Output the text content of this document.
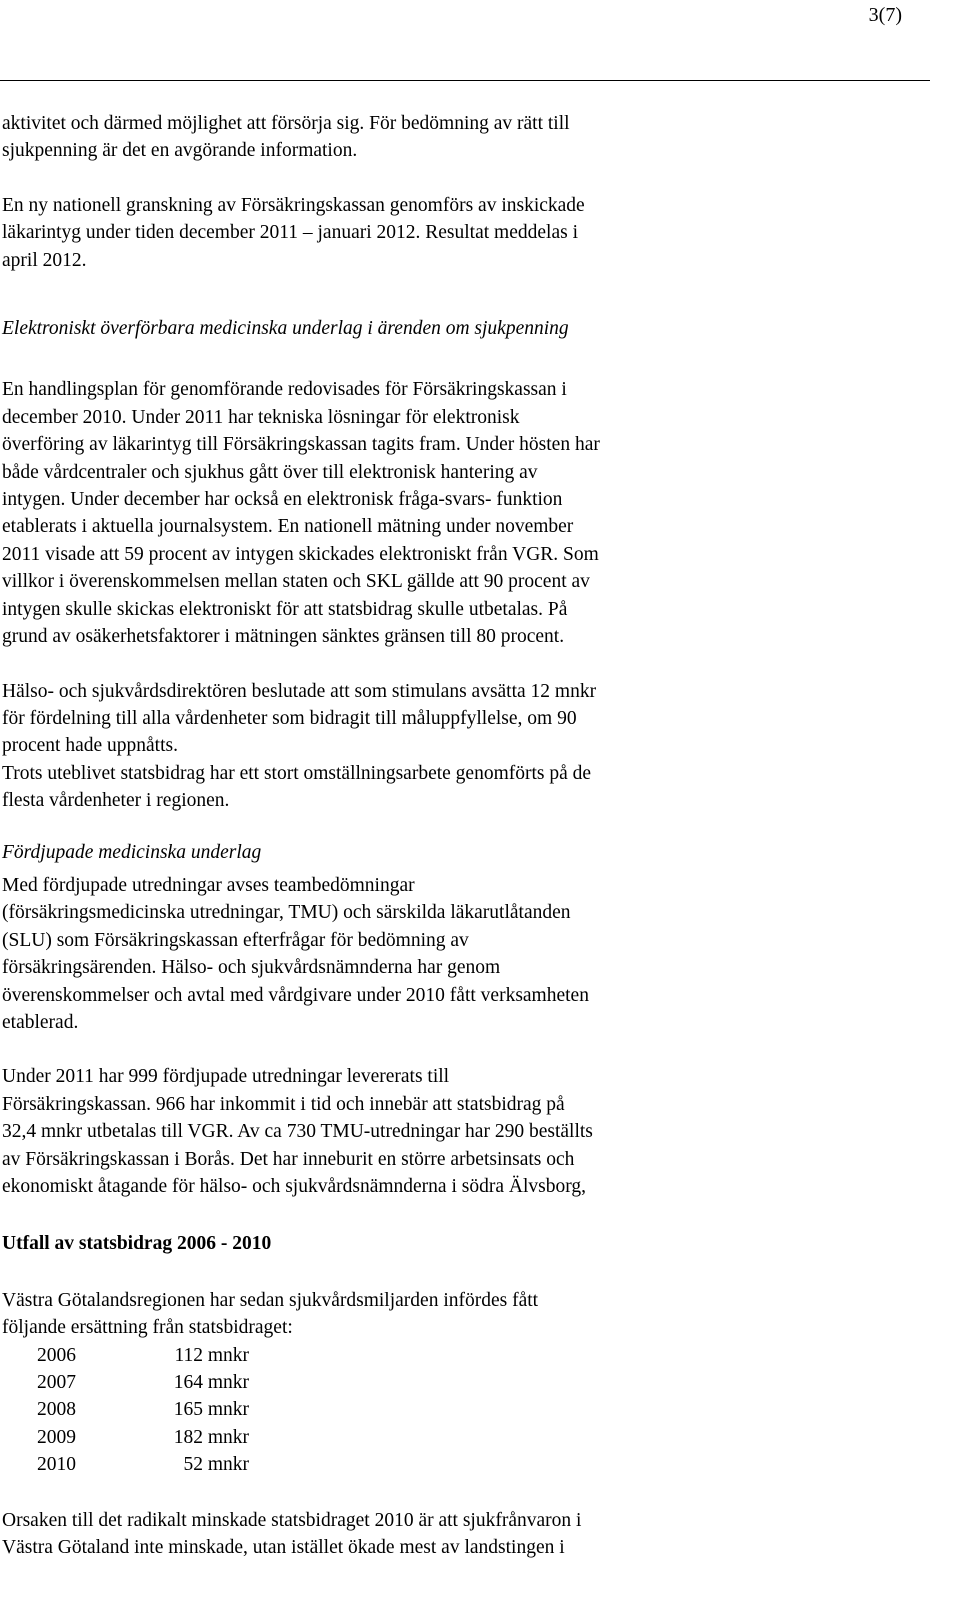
3(7)

aktivitet och därmed möjlighet att försörja sig. För bedömning av rätt till
sjukpenning är det en avgörande information.

En ny nationell granskning av Försäkringskassan genomförs av inskickade
läkarintyg under tiden december 2011 – januari 2012. Resultat meddelas i
april 2012.

Elektroniskt överförbara medicinska underlag i ärenden om sjukpenning

En handlingsplan för genomförande redovisades för Försäkringskassan i
december 2010. Under 2011 har tekniska lösningar för elektronisk
överföring av läkarintyg till Försäkringskassan tagits fram. Under hösten har
både vårdcentraler och sjukhus gått över till elektronisk hantering av
intygen. Under december har också en elektronisk fråga-svars- funktion
etablerats i aktuella journalsystem. En nationell mätning under november
2011 visade att 59 procent av intygen skickades elektroniskt från VGR. Som
villkor i överenskommelsen mellan staten och SKL gällde att 90 procent av
intygen skulle skickas elektroniskt för att statsbidrag skulle utbetalas. På
grund av osäkerhetsfaktorer i mätningen sänktes gränsen till 80 procent.

Hälso- och sjukvårdsdirektören beslutade att som stimulans avsätta 12 mnkr
för fördelning till alla vårdenheter som bidragit till måluppfyllelse, om 90
procent hade uppnåtts.
Trots uteblivet statsbidrag har ett stort omställningsarbete genomförts på de
flesta vårdenheter i regionen.

Fördjupade medicinska underlag

Med fördjupade utredningar avses teambedömningar
(försäkringsmedicinska utredningar, TMU) och särskilda läkarutlåtanden
(SLU) som Försäkringskassan efterfrågar för bedömning av
försäkringsärenden. Hälso- och sjukvårdsnämnderna har genom
överenskommelser och avtal med vårdgivare under 2010 fått verksamheten
etablerad.

Under 2011 har 999 fördjupade utredningar levererats till
Försäkringskassan. 966 har inkommit i tid och innebär att statsbidrag på
32,4 mnkr utbetalas till VGR. Av ca 730 TMU-utredningar har 290 beställts
av Försäkringskassan i Borås. Det har inneburit en större arbetsinsats och
ekonomiskt åtagande för hälso- och sjukvårdsnämnderna i södra Älvsborg,

Utfall av statsbidrag 2006 - 2010

Västra Götalandsregionen har sedan sjukvårdsmiljarden infördes fått
följande ersättning från statsbidraget:

2006	112 mnkr
2007	164 mnkr
2008	165 mnkr
2009	182 mnkr
2010	52 mnkr

Orsaken till det radikalt minskade statsbidraget 2010 är att sjukfrånvaron i
Västra Götaland inte minskade, utan istället ökade mest av landstingen i
